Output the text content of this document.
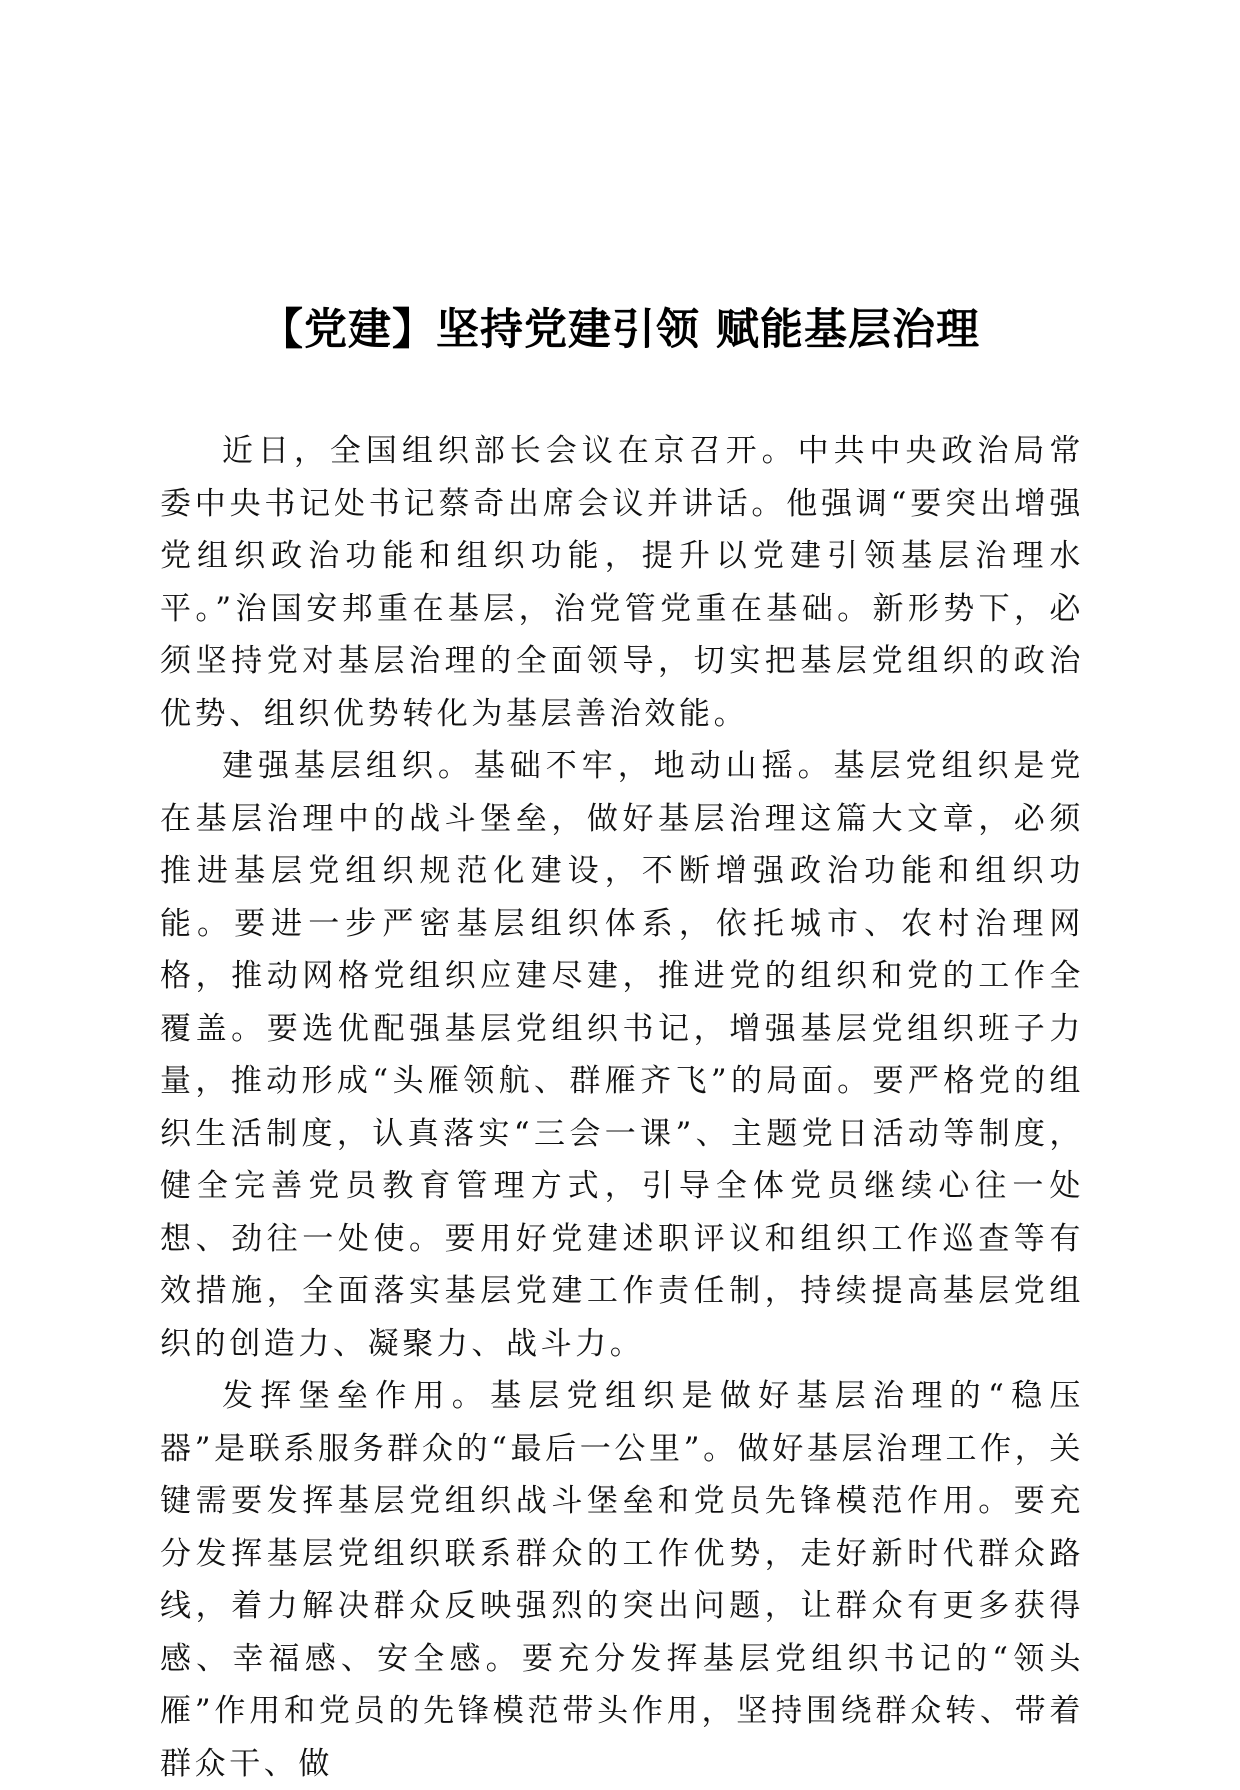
【党建】坚持党建引领 赋能基层治理

近日，全国组织部长会议在京召开。中共中央政治局常委中央书记处书记蔡奇出席会议并讲话。他强调“要突出增强党组织政治功能和组织功能，提升以党建引领基层治理水平。”治国安邦重在基层，治党管党重在基础。新形势下，必须坚持党对基层治理的全面领导，切实把基层党组织的政治优势、组织优势转化为基层善治效能。

建强基层组织。基础不牢，地动山摇。基层党组织是党在基层治理中的战斗堡垒，做好基层治理这篇大文章，必须推进基层党组织规范化建设，不断增强政治功能和组织功能。要进一步严密基层组织体系，依托城市、农村治理网格，推动网格党组织应建尽建，推进党的组织和党的工作全覆盖。要选优配强基层党组织书记，增强基层党组织班子力量，推动形成“头雁领航、群雁齐飞”的局面。要严格党的组织生活制度，认真落实“三会一课”、主题党日活动等制度，健全完善党员教育管理方式，引导全体党员继续心往一处想、劲往一处使。要用好党建述职评议和组织工作巡查等有效措施，全面落实基层党建工作责任制，持续提高基层党组织的创造力、凝聚力、战斗力。

发挥堡垒作用。基层党组织是做好基层治理的“稳压器”是联系服务群众的“最后一公里”。做好基层治理工作，关键需要发挥基层党组织战斗堡垒和党员先锋模范作用。要充分发挥基层党组织联系群众的工作优势，走好新时代群众路线，着力解决群众反映强烈的突出问题，让群众有更多获得感、幸福感、安全感。要充分发挥基层党组织书记的“领头雁”作用和党员的先锋模范带头作用，坚持围绕群众转、带着群众干、做
